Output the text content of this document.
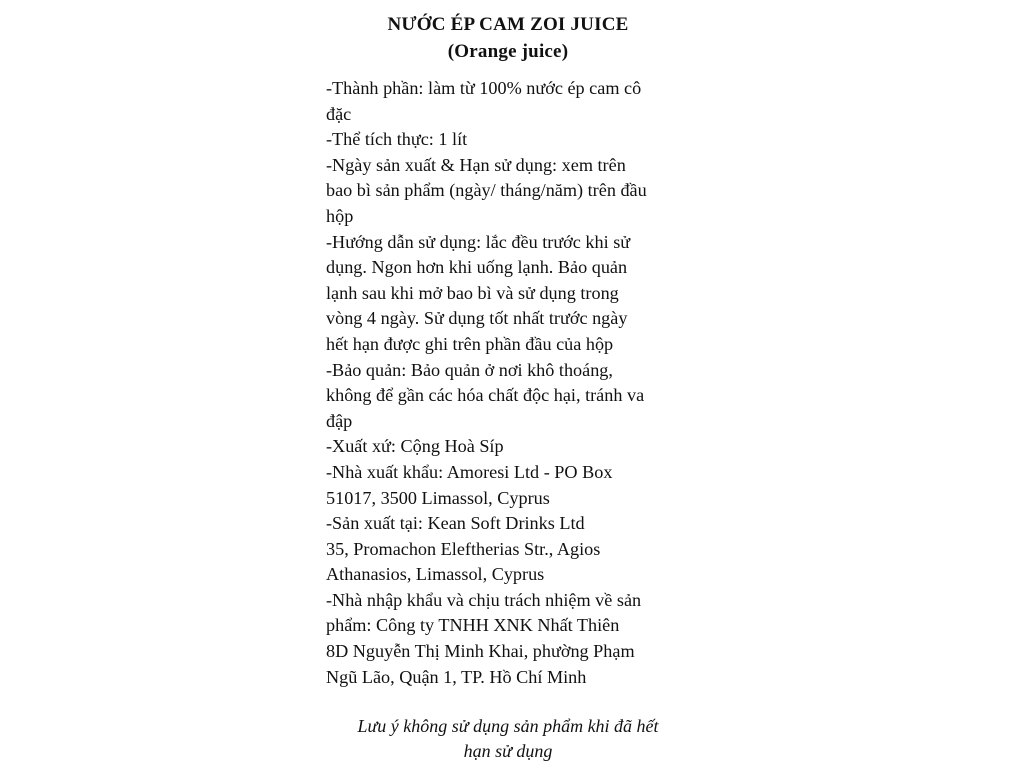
NƯỚC ÉP CAM ZOI JUICE
(Orange juice)
-Thành phần: làm từ 100% nước ép cam cô
đặc
-Thể tích thực: 1 lít
-Ngày sản xuất & Hạn sử dụng: xem trên
bao bì sản phẩm (ngày/ tháng/năm) trên đầu
hộp
-Hướng dẫn sử dụng: lắc đều trước khi sử
dụng. Ngon hơn khi uống lạnh. Bảo quản
lạnh sau khi mở bao bì và sử dụng trong
vòng 4 ngày. Sử dụng tốt nhất trước ngày
hết hạn được ghi trên phần đầu của hộp
-Bảo quản: Bảo quản ở nơi khô thoáng,
không để gần các hóa chất độc hại, tránh va
đập
-Xuất xứ: Cộng Hoà Síp
-Nhà xuất khẩu: Amoresi Ltd - PO Box
51017, 3500 Limassol, Cyprus
-Sản xuất tại: Kean Soft Drinks Ltd
35, Promachon Eleftherias Str., Agios
Athanasios, Limassol, Cyprus
-Nhà nhập khẩu và chịu trách nhiệm về sản
phẩm: Công ty TNHH XNK Nhất Thiên
8D Nguyễn Thị Minh Khai, phường Phạm
Ngũ Lão, Quận 1, TP. Hồ Chí Minh
Lưu ý không sử dụng sản phẩm khi đã hết
hạn sử dụng
